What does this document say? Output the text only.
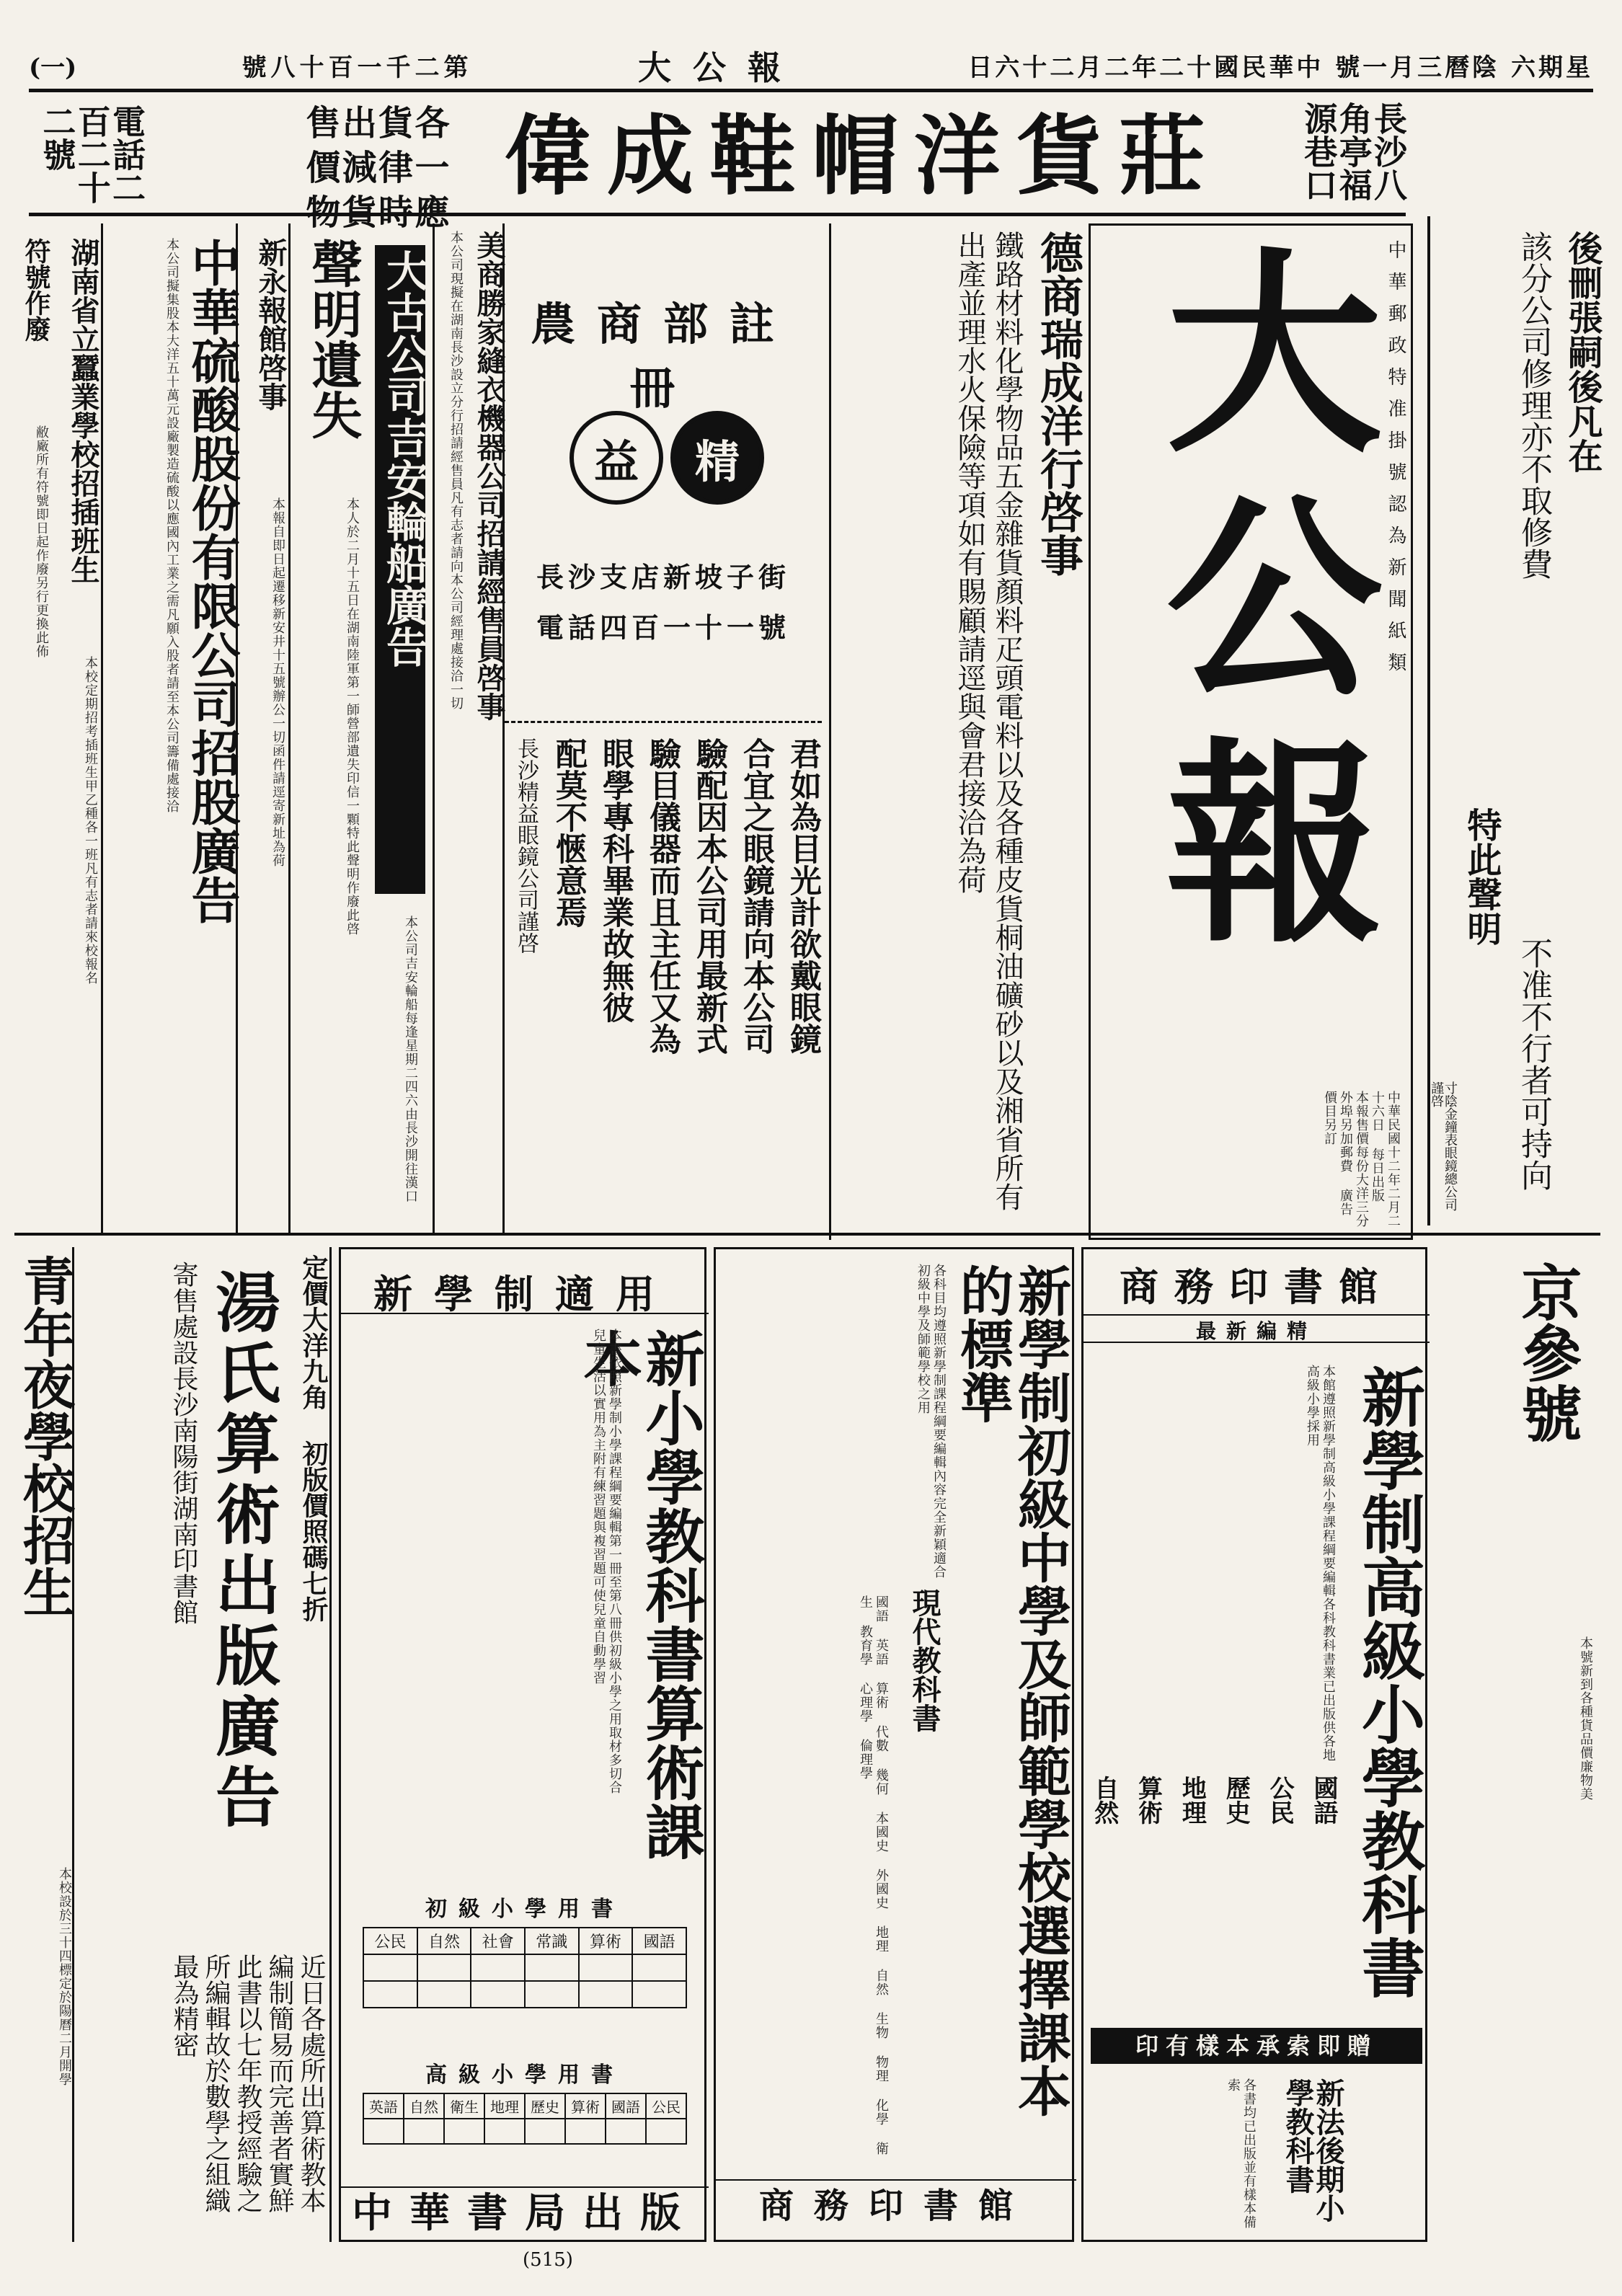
(一)	號八十百一千二第	大公報	日六十二月二年二十國民華中 號一月三曆陰 六期星
電話二百二十二號	各貨出售
一律減價
應時貨物
偉成鞋帽洋貨莊	長沙八角亭福源巷口
後刪張嗣後凡在
該分公司修理亦不取修費
特此聲明
不准不行者可持向
寸陰金鐘表眼鏡總公司謹啓
大公報 中華郵政特准掛號認為新聞紙類
中華民國十二年二月二十六日 每日出版 本報售價每份大洋三分 外埠另加郵費 廣告價目另訂
德商瑞成洋行啓事
鐵路材料化學物品五金雜貨顏料疋頭電料以及各種皮貨桐油礦砂以及湘省所有出產並理水火保險等項如有賜顧請逕與會君接洽為荷
農商部註冊
益	精
長沙支店新坡子街
電話四百一十一號
君如為目光計欲戴眼鏡
合宜之眼鏡請向本公司
驗配因本公司用最新式
驗目儀器而且主任又為
眼學專科畢業故無彼
配莫不愜意焉
長沙精益眼鏡公司謹啓
美商勝家縫衣機器公司招請經售員啓事
本公司現擬在湖南長沙設立分行招請經售員凡有志者請向本公司經理處接洽一切
大古公司吉安輪船廣告
本公司吉安輪船每逢星期二四六由長沙開往漢口
聲明遺失
本人於二月十五日在湖南陸軍第一師營部遺失印信一顆特此聲明作廢此啓
新永報館啓事
本報自即日起遷移新安井十五號辦公一切函件請逕寄新址為荷
中華硫酸股份有限公司招股廣告
本公司擬集股本大洋五十萬元設廠製造硫酸以應國內工業之需凡願入股者請至本公司籌備處接洽
湖南省立蠶業學校招插班生
本校定期招考插班生甲乙種各一班凡有志者請來校報名
符號作廢
敝廠所有符號即日起作廢另行更換此佈
青年夜學校招生
本校設於三十四標定於陽曆二月開學
定價大洋九角 初版價照碼七折
湯氏算術出版廣告
寄售處設長沙南陽街湖南印書館
近日各處所出算術教本編制簡易而完善者實鮮此書以七年教授經驗之所編輯故於數學之組織最為精密
新學制適用
新小學教科書算術課本
本書依照新學制小學課程綱要編輯第一冊至第八冊供初級小學之用取材多切合兒童生活以實用為主附有練習題與複習題可使兒童自動學習
初級小學用書
公民	自然	社會	常識	算術	國語

高級小學用書
英語	自然	衛生	地理	歷史	算術	國語	公民

中華書局出版
新學制初級中學及師範學校選擇課本的標準
各科目均遵照新學制課程綱要編輯內容完全新穎適合初級中學及師範學校之用
現代教科書
國語 英語 算術 代數 幾何 本國史 外國史 地理 自然 生物 物理 化學 衛生 教育學 心理學 倫理學
商務印書館
商務印書館
最新編精
新學制高級小學教科書
本館遵照新學制高級小學課程綱要編輯各科教科書業已出版供各地高級小學採用
國語
公民
歷史
地理
算術
自然
印有樣本承索即贈
新法後期小學教科書
各書均已出版並有樣本備索
京參號
本號新到各種貨品價廉物美
(515)
